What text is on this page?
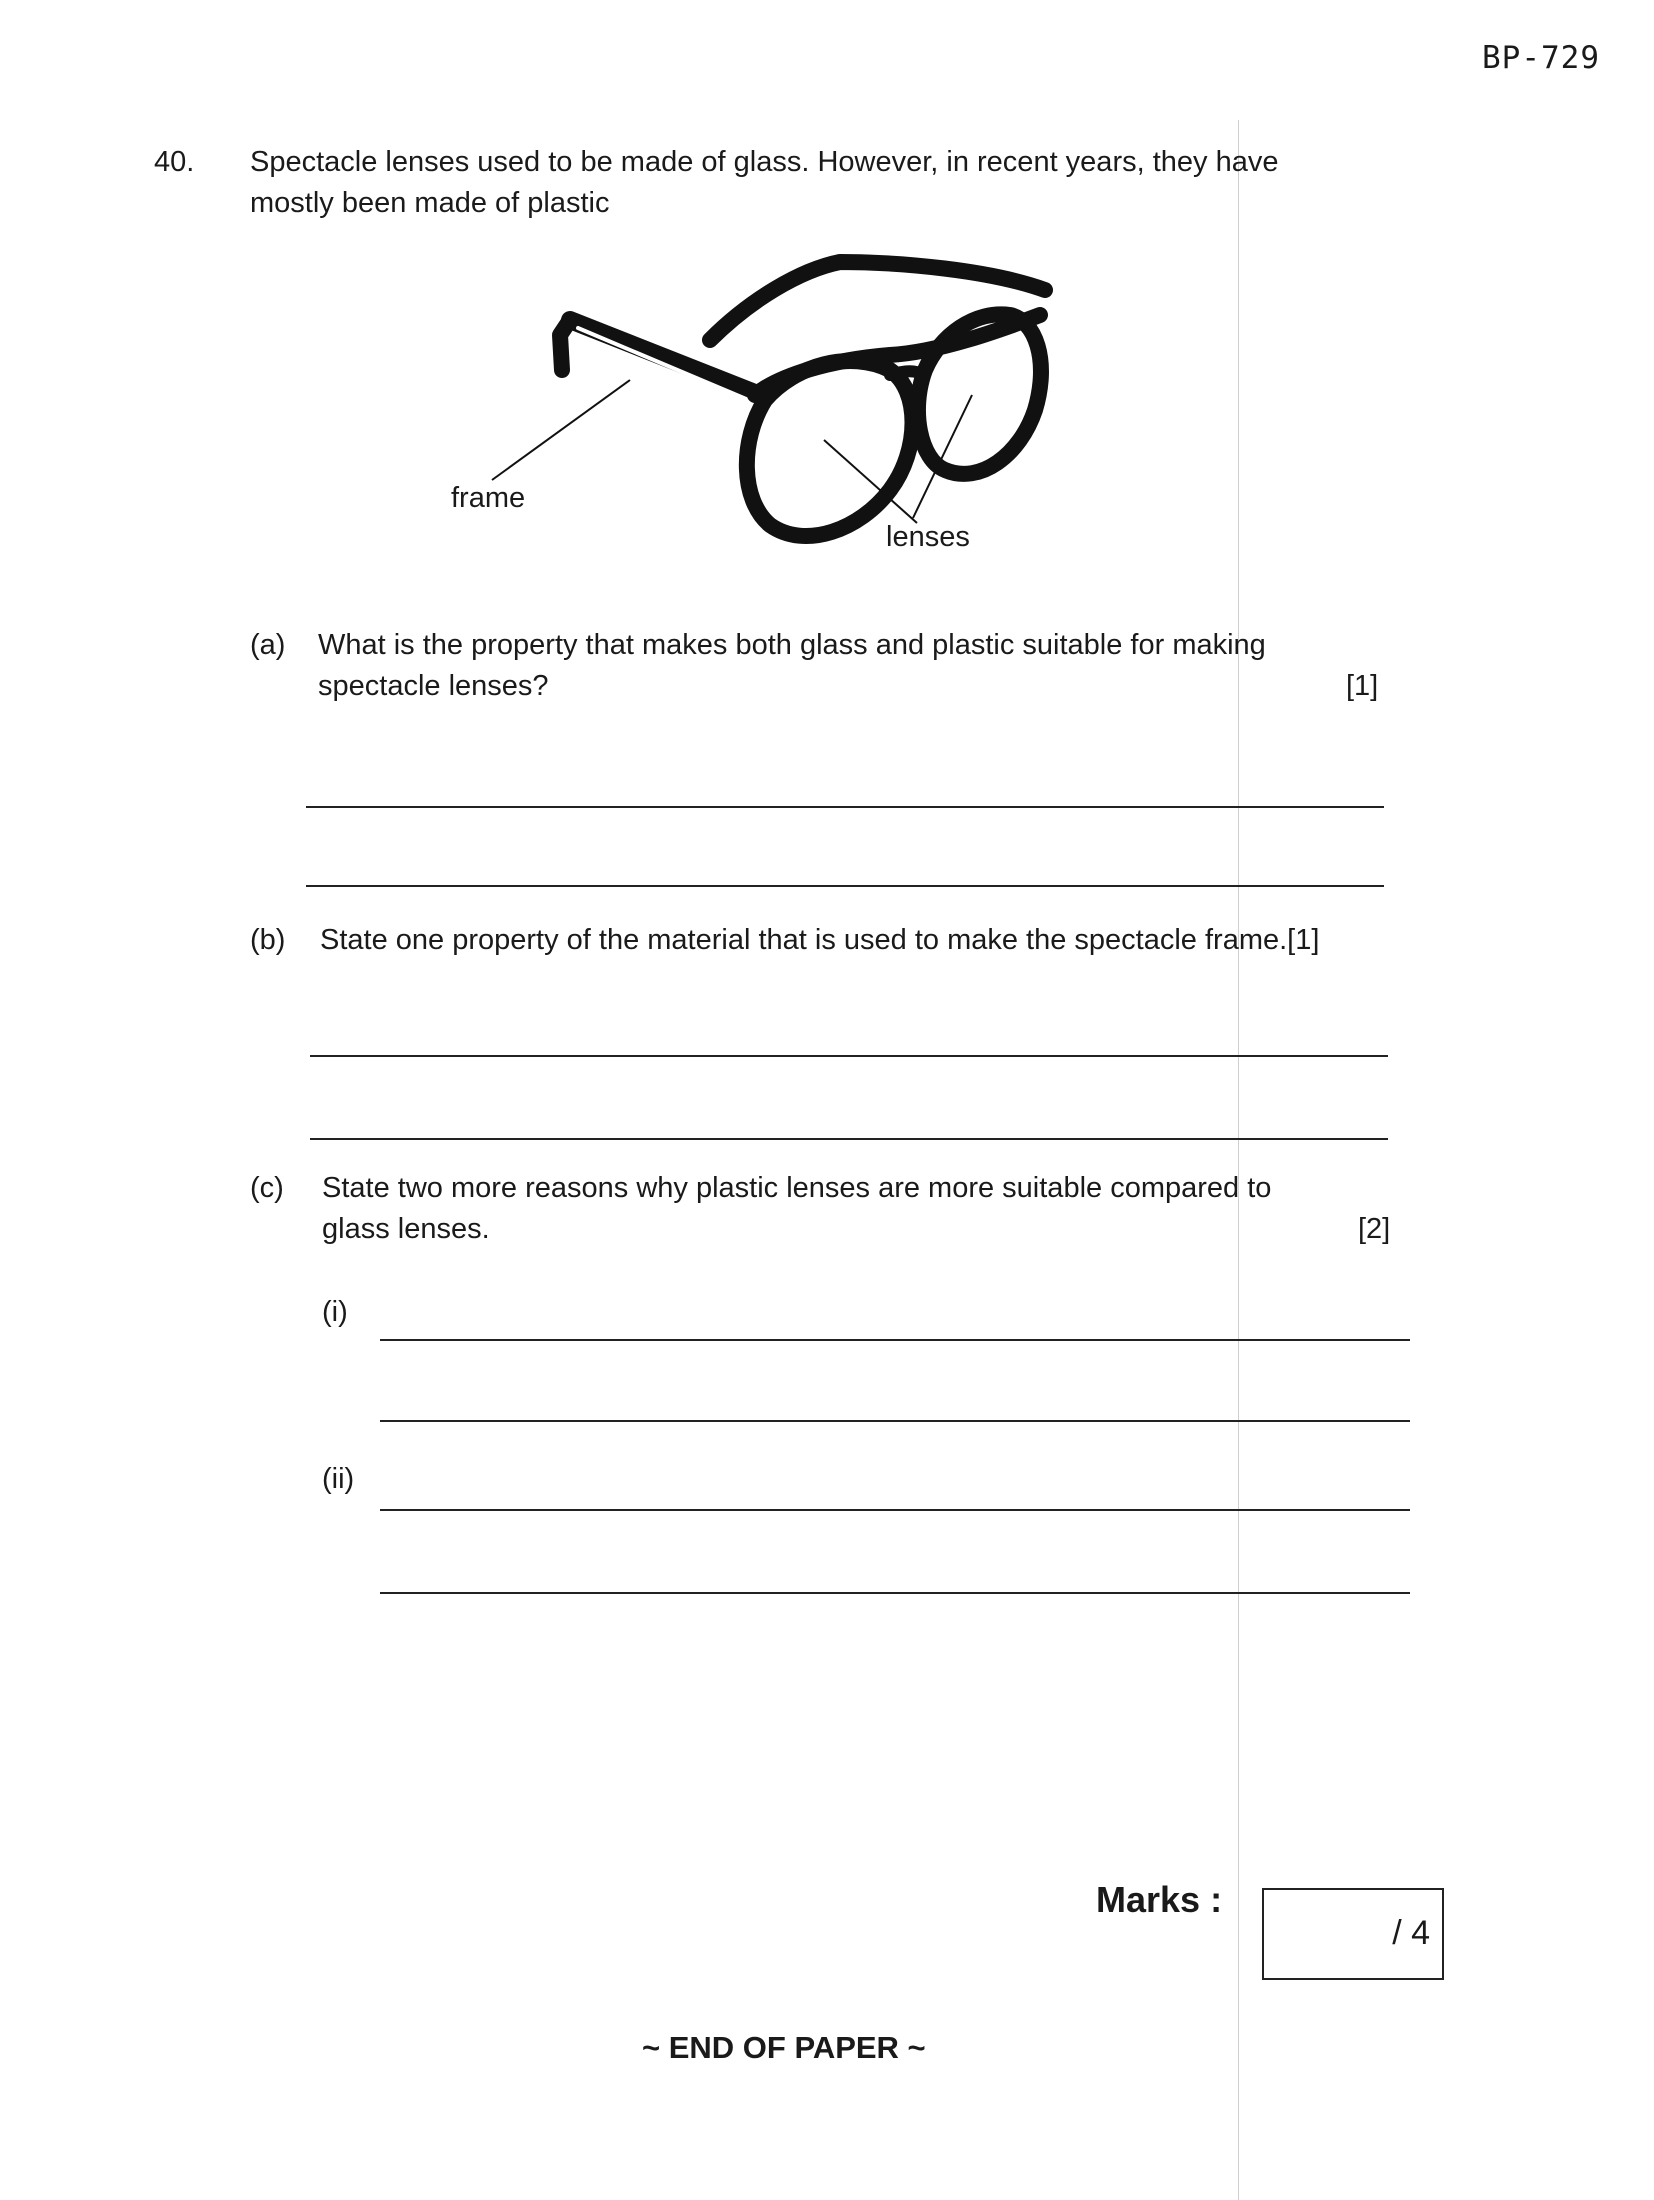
BP-729
40. Spectacle lenses used to be made of glass. However, in recent years, they have
mostly been made of plastic
frame
lenses
(a) What is the property that makes both glass and plastic suitable for making
spectacle lenses?	[1]
(b) State one property of the material that is used to make the spectacle frame.[1]
(c) State two more reasons why plastic lenses are more suitable compared to
glass lenses.	[2]
(i)
(ii)
Marks :
/ 4
~ END OF PAPER ~
